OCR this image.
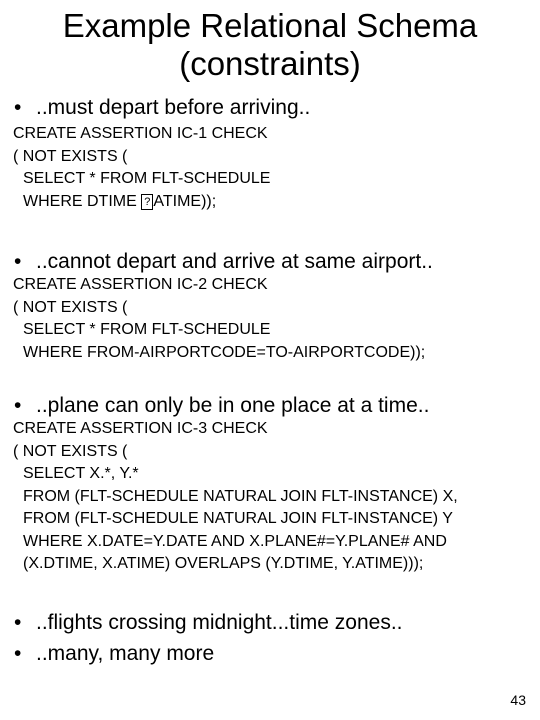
Example Relational Schema
(constraints)
• ..must depart before arriving..
CREATE ASSERTION IC-1 CHECK
( NOT EXISTS (
SELECT * FROM FLT-SCHEDULE
WHERE DTIME ? ATIME));
• ..cannot depart and arrive at same airport..
CREATE ASSERTION IC-2 CHECK
( NOT EXISTS (
SELECT * FROM FLT-SCHEDULE
WHERE FROM-AIRPORTCODE=TO-AIRPORTCODE));
• ..plane can only be in one place at a time..
CREATE ASSERTION IC-3 CHECK
( NOT EXISTS (
SELECT X.*, Y.*
FROM (FLT-SCHEDULE NATURAL JOIN FLT-INSTANCE) X,
FROM (FLT-SCHEDULE NATURAL JOIN FLT-INSTANCE) Y
WHERE X.DATE=Y.DATE AND X.PLANE#=Y.PLANE# AND
(X.DTIME, X.ATIME) OVERLAPS (Y.DTIME, Y.ATIME)));
• ..flights crossing midnight...time zones..
• ..many, many more
43
